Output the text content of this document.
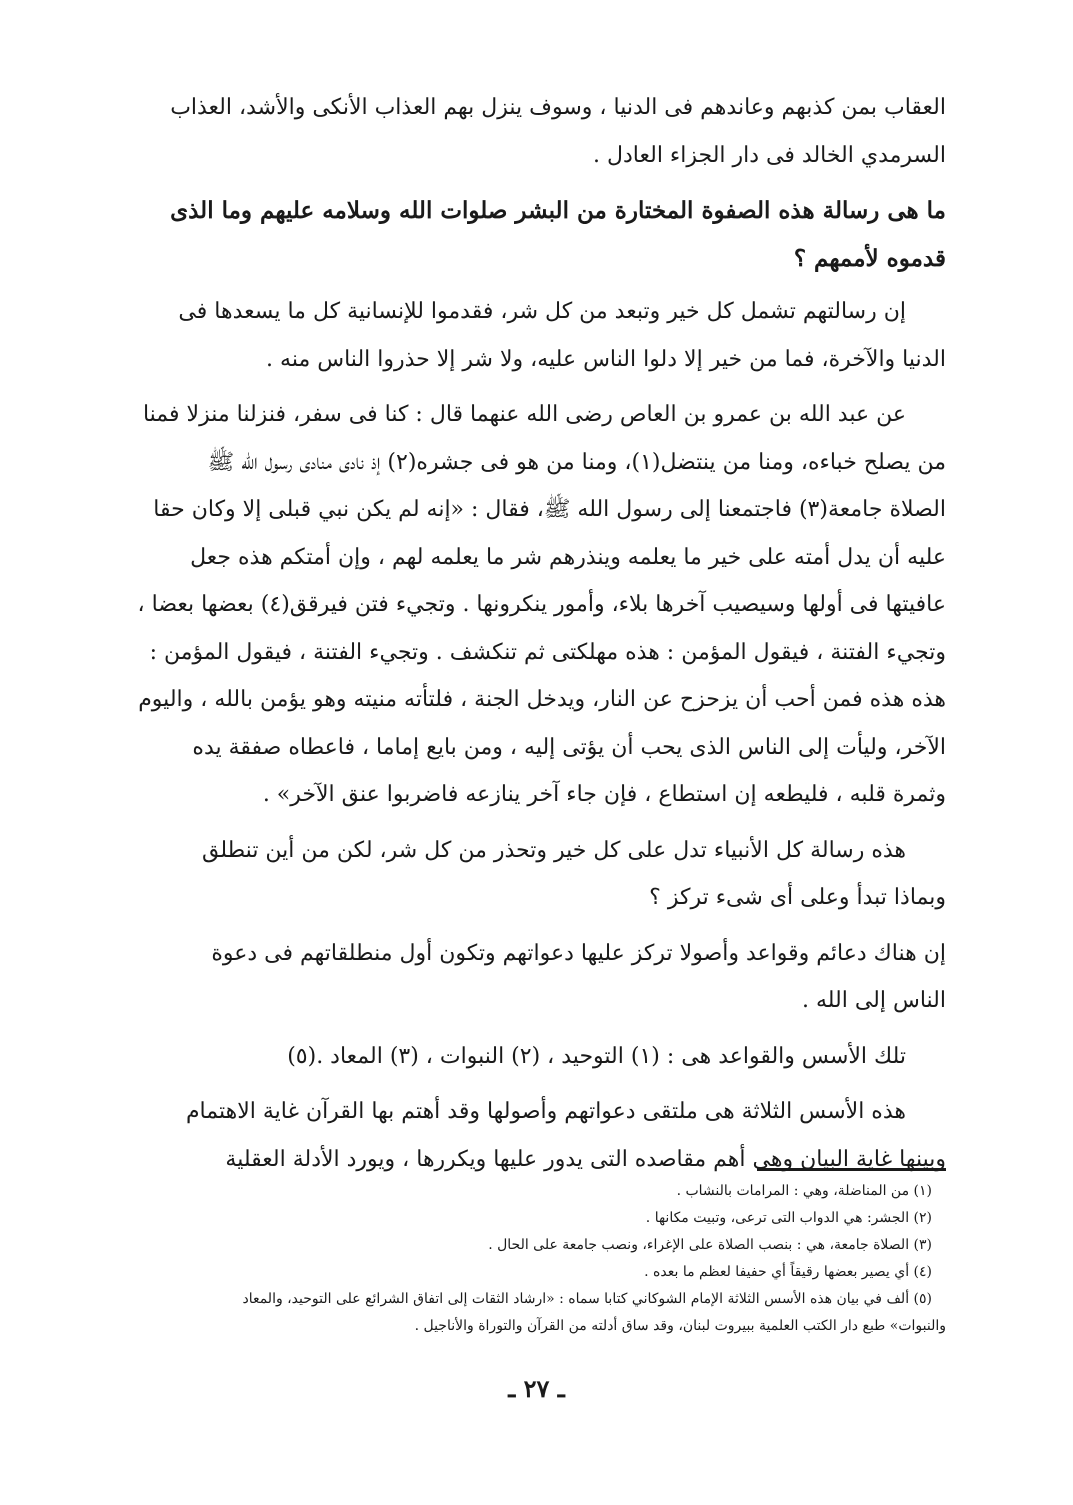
العقاب بمن كذبهم وعاندهم فى الدنيا ، وسوف ينزل بهم العذاب الأنكى والأشد، العذاب
السرمدي الخالد فى دار الجزاء العادل .
ما هى رسالة هذه الصفوة المختارة من البشر صلوات الله وسلامه عليهم وما الذى
قدموه لأممهم ؟
إن رسالتهم تشمل كل خير وتبعد من كل شر، فقدموا للإنسانية كل ما يسعدها فى
الدنيا والآخرة، فما من خير إلا دلوا الناس عليه، ولا شر إلا حذروا الناس منه .
عن عبد الله بن عمرو بن العاص رضى الله عنهما قال : كنا فى سفر، فنزلنا منزلا فمنا
من يصلح خباءه، ومنا من ينتضل(١)، ومنا من هو فى جشره(٢) إذ نادى منادى رسول الله ﷺ
الصلاة جامعة(٣) فاجتمعنا إلى رسول الله ﷺ، فقال : «إنه لم يكن نبي قبلى إلا وكان حقا
عليه أن يدل أمته على خير ما يعلمه وينذرهم شر ما يعلمه لهم ، وإن أمتكم هذه جعل
عافيتها فى أولها وسيصيب آخرها بلاء، وأمور ينكرونها . وتجيء فتن فيرقق(٤) بعضها بعضا ،
وتجيء الفتنة ، فيقول المؤمن : هذه مهلكتى ثم تنكشف . وتجيء الفتنة ، فيقول المؤمن :
هذه هذه فمن أحب أن يزحزح عن النار، ويدخل الجنة ، فلتأته منيته وهو يؤمن بالله ، واليوم
الآخر، وليأت إلى الناس الذى يحب أن يؤتى إليه ، ومن بايع إماما ، فاعطاه صفقة يده
وثمرة قلبه ، فليطعه إن استطاع ، فإن جاء آخر ينازعه فاضربوا عنق الآخر» .
هذه رسالة كل الأنبياء تدل على كل خير وتحذر من كل شر، لكن من أين تنطلق
وبماذا تبدأ وعلى أى شىء تركز ؟
إن هناك دعائم وقواعد وأصولا تركز عليها دعواتهم وتكون أول منطلقاتهم فى دعوة
الناس إلى الله .
تلك الأسس والقواعد هى : (١) التوحيد ، (٢) النبوات ، (٣) المعاد .(٥)
هذه الأسس الثلاثة هى ملتقى دعواتهم وأصولها وقد أهتم بها القرآن غاية الاهتمام
وبينها غاية البيان وهى أهم مقاصده التى يدور عليها ويكررها ، ويورد الأدلة العقلية
(١) من المناضلة، وهي : المرامات بالنشاب .
(٢) الجشر: هي الدواب التى ترعى، وتبيت مكانها .
(٣) الصلاة جامعة، هي : بنصب الصلاة على الإغراء، ونصب جامعة على الحال .
(٤) أي يصير بعضها رقيقاً أي حفيفا لعظم ما بعده .
(٥) ألف في بيان هذه الأسس الثلاثة الإمام الشوكاني كتابا سماه : «ارشاد الثقات إلى اتفاق الشرائع على التوحيد، والمعاد
والنبوات» طبع دار الكتب العلمية ببيروت لبنان، وقد ساق أدلته من القرآن والتوراة والأناجيل .
ـ ٢٧ ـ
